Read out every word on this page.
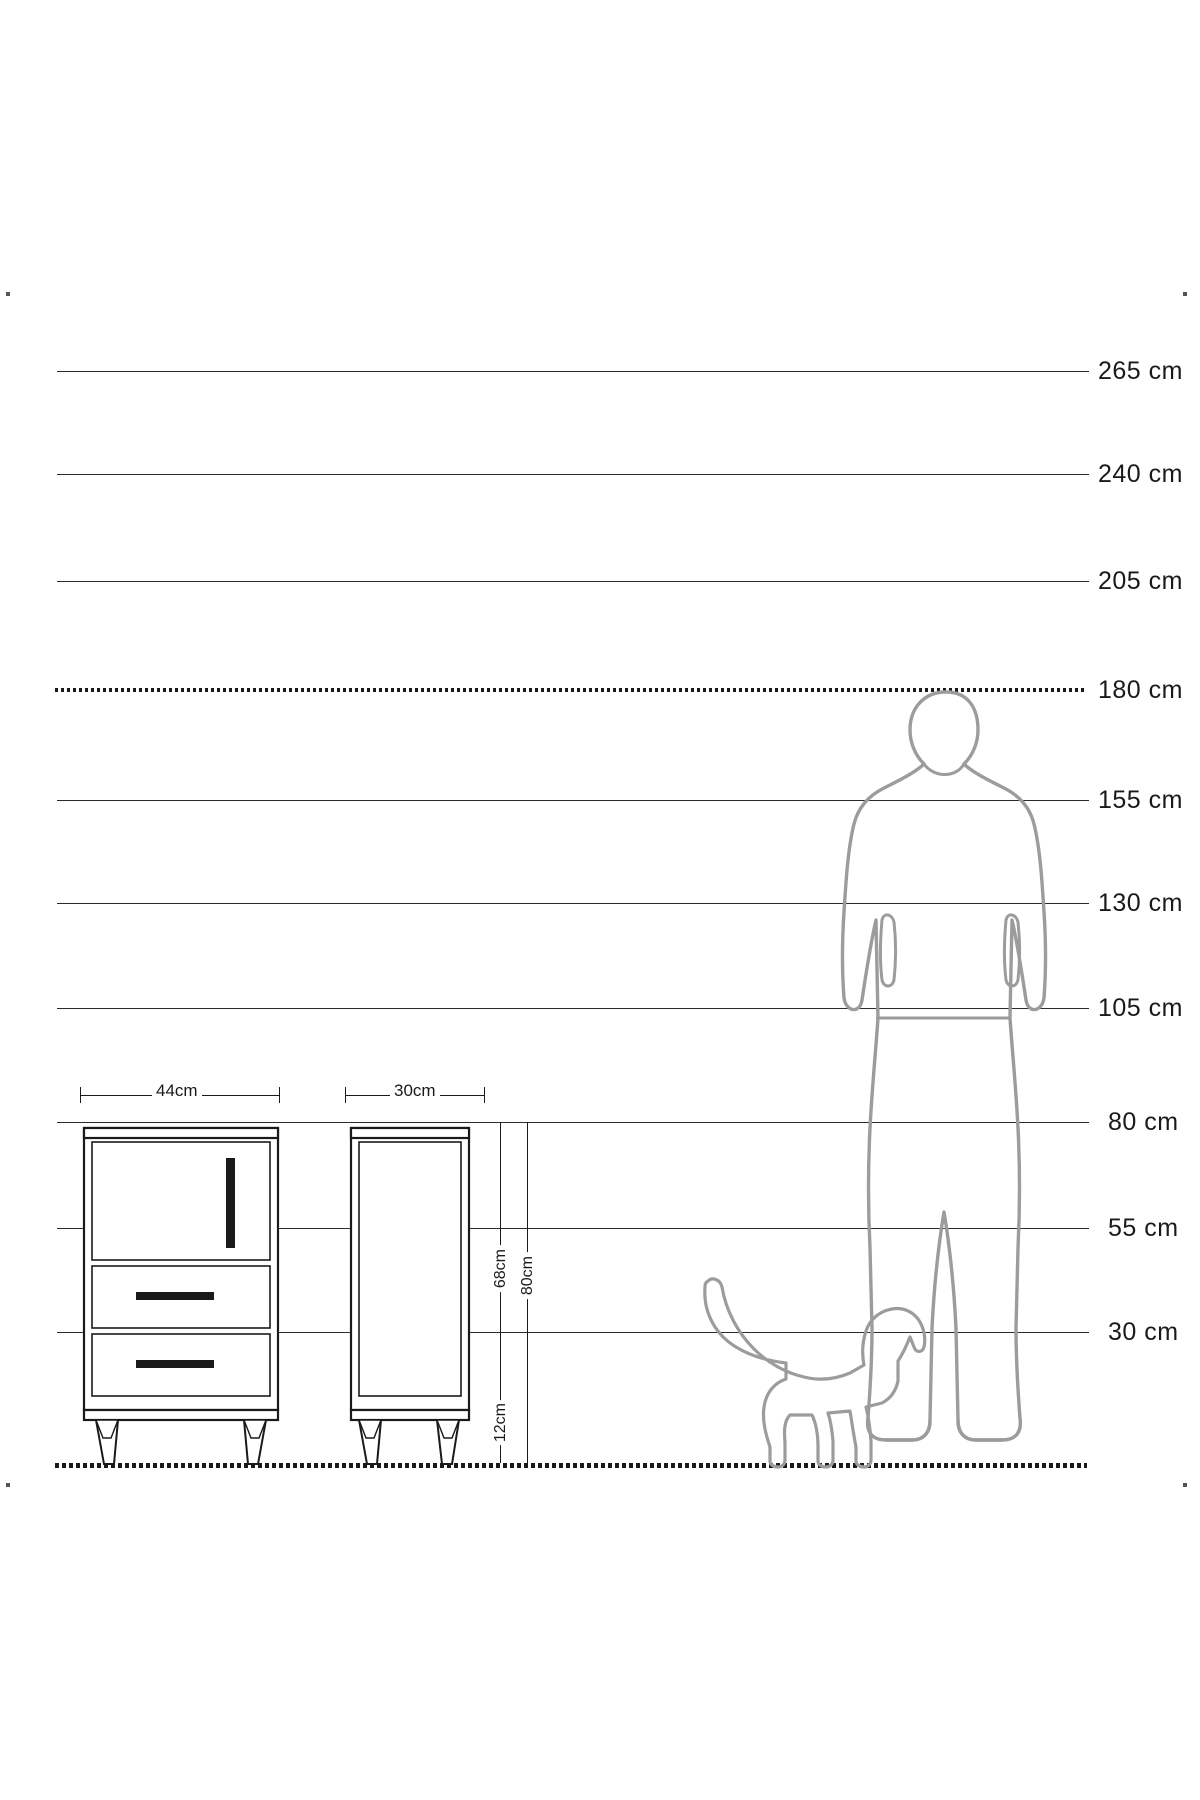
265 cm
240 cm
205 cm
180 cm
155 cm
130 cm
105 cm
80 cm
55 cm
30 cm
44cm	30cm
68cm 80cm
12cm
